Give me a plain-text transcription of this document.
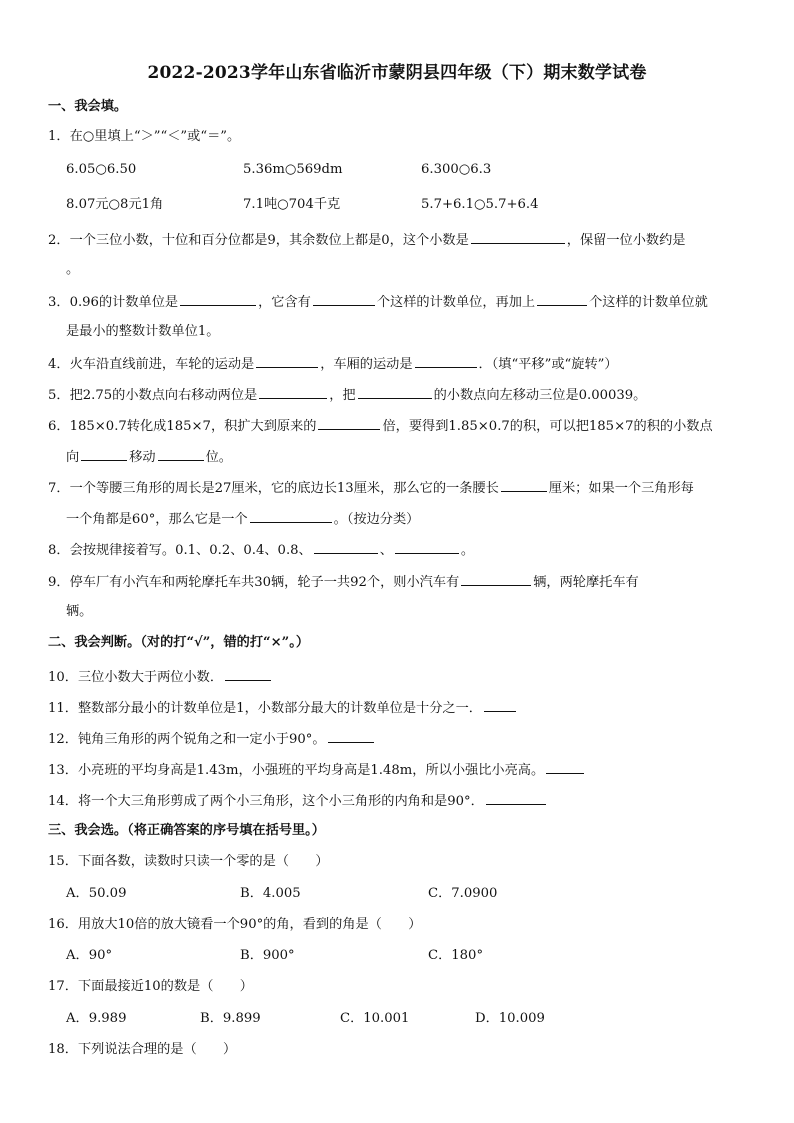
2022-2023学年山东省临沂市蒙阴县四年级（下）期末数学试卷
一、我会填。
1．在○里填上“＞”“＜”或“＝”。
6.05○6.50	5.36m○569dm	6.300○6.3
8.07元○8元1角	7.1吨○704千克	5.7+6.1○5.7+6.4
2．一个三位小数，十位和百分位都是9，其余数位上都是0，这个小数是	，保留一位小数约是
。
3．0.96的计数单位是	，它含有	个这样的计数单位，再加上	个这样的计数单位就
是最小的整数计数单位1。
4．火车沿直线前进，车轮的运动是	，车厢的运动是	．（填“平移”或“旋转”）
5．把2.75的小数点向右移动两位是	，把	的小数点向左移动三位是0.00039。
6．185×0.7转化成185×7，积扩大到原来的	倍，要得到1.85×0.7的积，可以把185×7的积的小数点
向	移动	位。
7．一个等腰三角形的周长是27厘米，它的底边长13厘米，那么它的一条腰长	厘米；如果一个三角形每
一个角都是60°，那么它是一个	。（按边分类）
8．会按规律接着写。0.1、0.2、0.4、0.8、	、	。
9．停车厂有小汽车和两轮摩托车共30辆，轮子一共92个，则小汽车有	辆，两轮摩托车有
辆。
二、我会判断。（对的打“√”，错的打“×”。）
10．三位小数大于两位小数．
11．整数部分最小的计数单位是1，小数部分最大的计数单位是十分之一．
12．钝角三角形的两个锐角之和一定小于90°。
13．小亮班的平均身高是1.43m，小强班的平均身高是1.48m，所以小强比小亮高。
14．将一个大三角形剪成了两个小三角形，这个小三角形的内角和是90°．
三、我会选。（将正确答案的序号填在括号里。）
15．下面各数，读数时只读一个零的是（　　）
A．50.09	B．4.005	C．7.0900
16．用放大10倍的放大镜看一个90°的角，看到的角是（　　）
A．90°	B．900°	C．180°
17．下面最接近10的数是（　　）
A．9.989	B．9.899	C．10.001	D．10.009
18．下列说法合理的是（　　）
